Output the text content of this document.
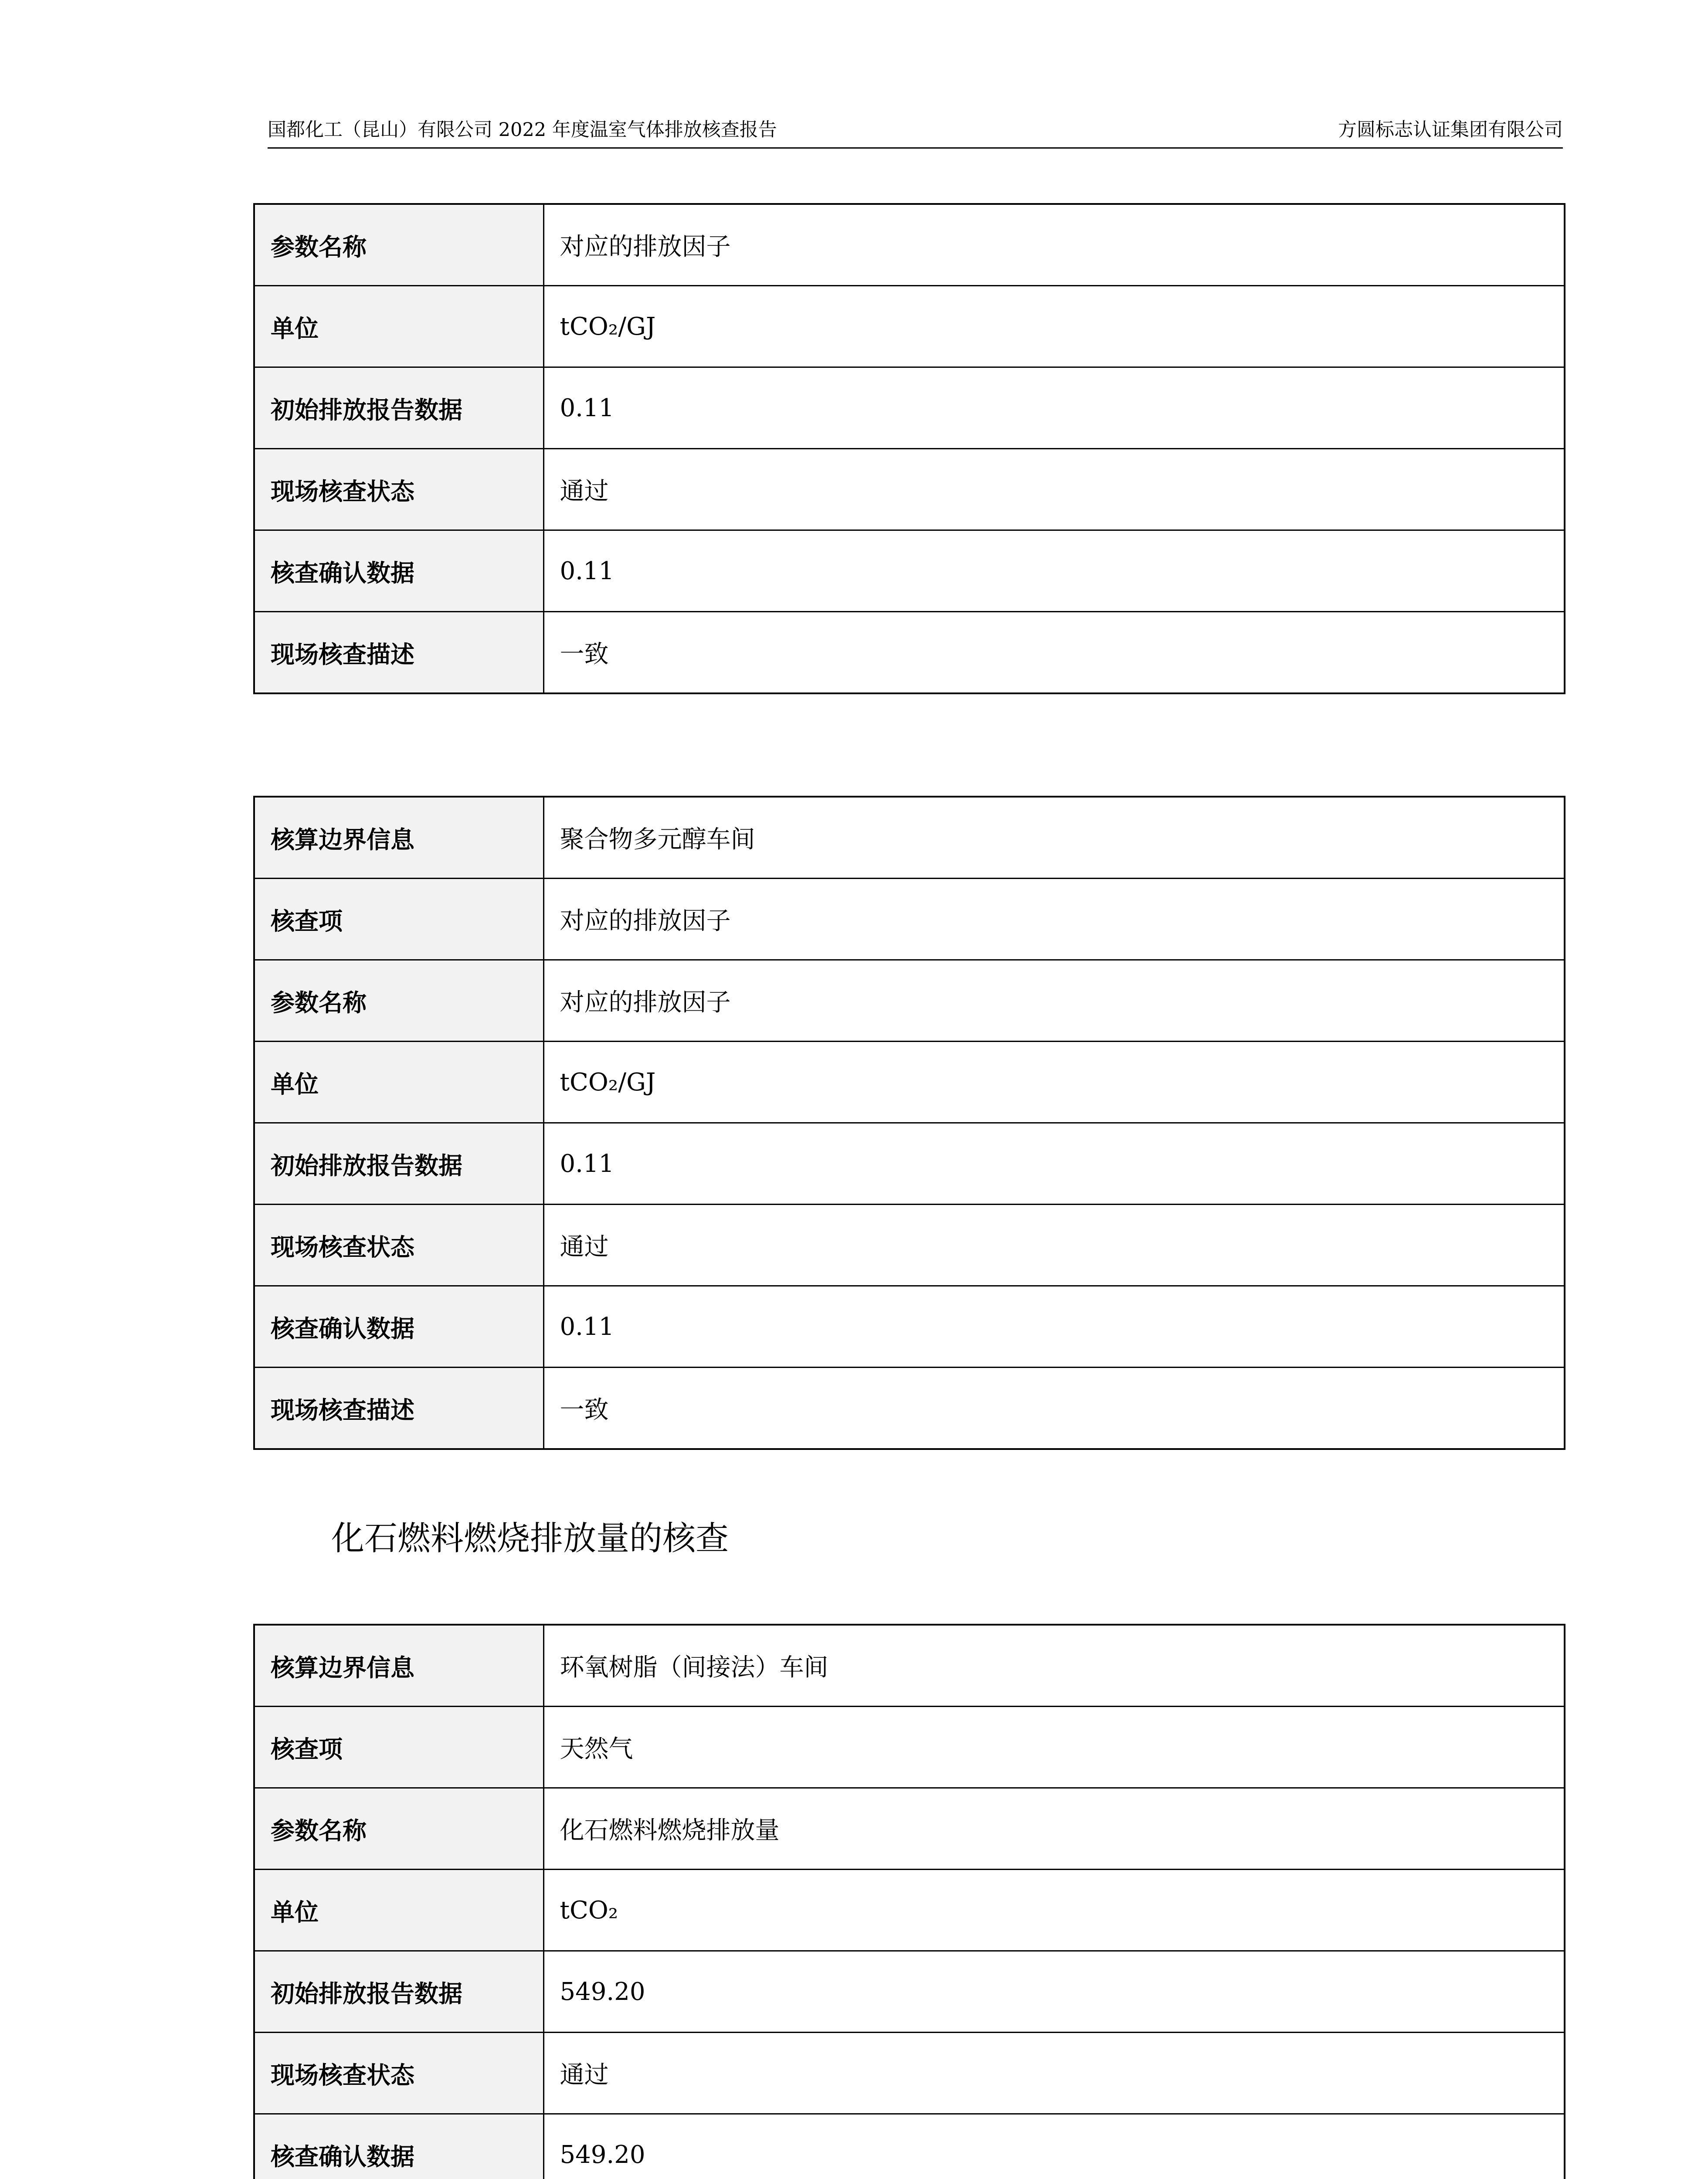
国都化工（昆山）有限公司 2022 年度温室气体排放核查报告	方圆标志认证集团有限公司
参数名称	对应的排放因子
单位	tCO₂/GJ
初始排放报告数据	0.11
现场核查状态	通过
核查确认数据	0.11
现场核查描述	一致
核算边界信息	聚合物多元醇车间
核查项	对应的排放因子
参数名称	对应的排放因子
单位	tCO₂/GJ
初始排放报告数据	0.11
现场核查状态	通过
核查确认数据	0.11
现场核查描述	一致
化石燃料燃烧排放量的核查
核算边界信息	环氧树脂（间接法）车间
核查项	天然气
参数名称	化石燃料燃烧排放量
单位	tCO₂
初始排放报告数据	549.20
现场核查状态	通过
核查确认数据	549.20
